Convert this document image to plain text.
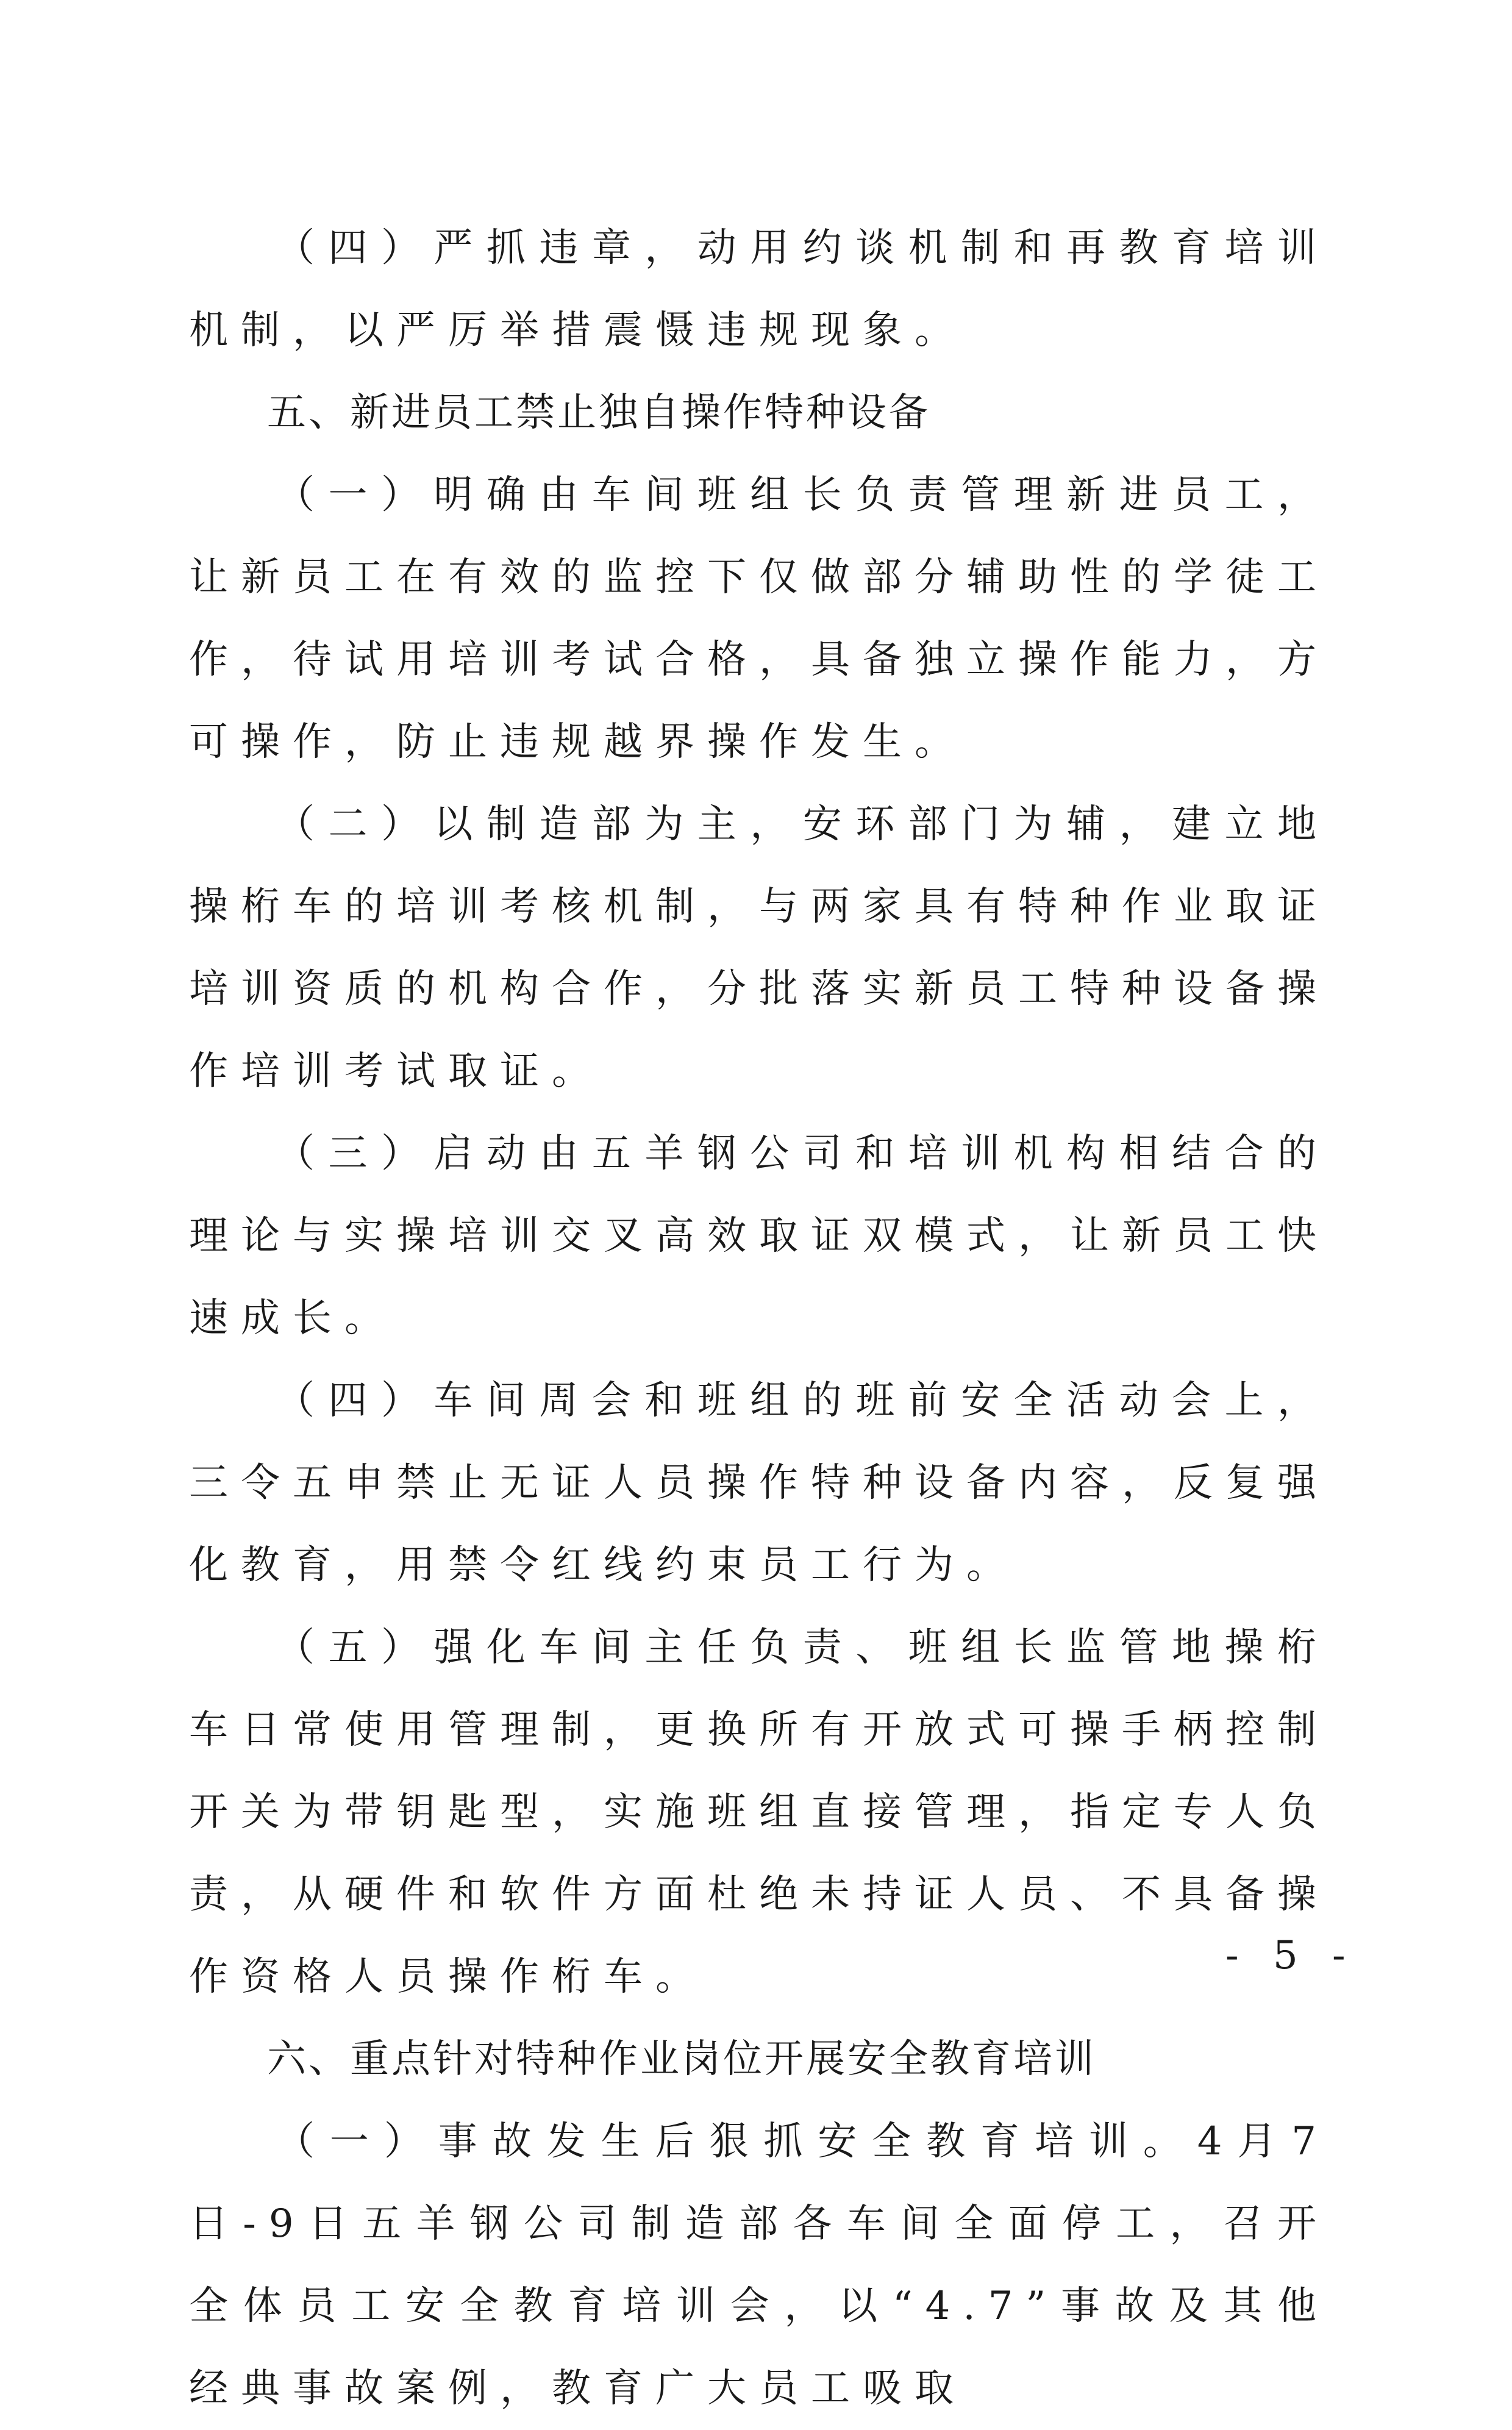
（四）严抓违章，动用约谈机制和再教育培训机制，以严厉举措震慑违规现象。

五、新进员工禁止独自操作特种设备

（一）明确由车间班组长负责管理新进员工，让新员工在有效的监控下仅做部分辅助性的学徒工作，待试用培训考试合格，具备独立操作能力，方可操作，防止违规越界操作发生。

（二）以制造部为主，安环部门为辅，建立地操桁车的培训考核机制，与两家具有特种作业取证培训资质的机构合作，分批落实新员工特种设备操作培训考试取证。

（三）启动由五羊钢公司和培训机构相结合的理论与实操培训交叉高效取证双模式，让新员工快速成长。

（四）车间周会和班组的班前安全活动会上，三令五申禁止无证人员操作特种设备内容，反复强化教育，用禁令红线约束员工行为。

（五）强化车间主任负责、班组长监管地操桁车日常使用管理制，更换所有开放式可操手柄控制开关为带钥匙型，实施班组直接管理，指定专人负责，从硬件和软件方面杜绝未持证人员、不具备操作资格人员操作桁车。

六、重点针对特种作业岗位开展安全教育培训

（一）事故发生后狠抓安全教育培训。4月7日-9日五羊钢公司制造部各车间全面停工，召开全体员工安全教育培训会，以“4.7”事故及其他经典事故案例，教育广大员工吸取

- 5 -
